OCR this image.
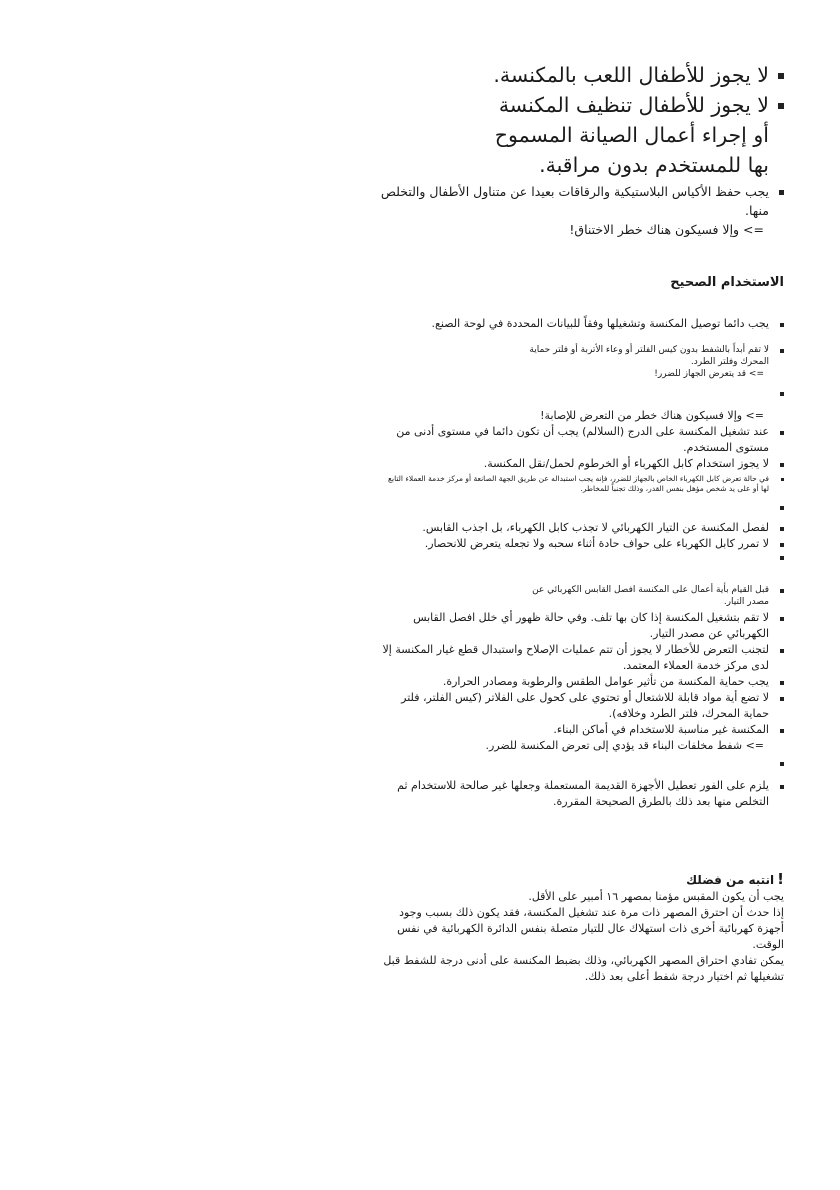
لا يجوز للأطفال اللعب بالمكنسة.
لا يجوز للأطفال تنظيف المكنسة أو إجراء أعمال الصيانة المسموح بها للمستخدم بدون مراقبة.
يجب حفظ الأكياس البلاستيكية والرقاقات بعيدا عن متناول الأطفال والتخلص منها.
=> وإلا فسيكون هناك خطر الاختناق!
الاستخدام الصحيح
يجب دائما توصيل المكنسة وتشغيلها وفقاً للبيانات المحددة في لوحة الصنع.
لا تقم أبداً بالشفط بدون كيس الفلتر أو وعاء الأتربة أو فلتر حماية المحرك وفلتر الطرد.
=> قد يتعرض الجهاز للضرر!
=> وإلا فسيكون هناك خطر من التعرض للإصابة!
عند تشغيل المكنسة على الدرج (السلالم) يجب أن تكون دائما في مستوى أدنى من مستوى المستخدم.
لا يجوز استخدام كابل الكهرباء أو الخرطوم لحمل/نقل المكنسة.
في حالة تعرض كابل الكهرباء الخاص بالجهاز للضرر، فإنه يجب استبداله عن طريق الجهة الصانعة أو مركز خدمة العملاء التابع لها أو على يد شخص مؤهل بنفس القدر، وذلك تجنباً للمخاطر.
لفصل المكنسة عن التيار الكهربائي لا تجذب كابل الكهرباء، بل اجذب القابس.
لا تمرر كابل الكهرباء على حواف حادة أثناء سحبه ولا تجعله يتعرض للانحصار.
قبل القيام بأية أعمال على المكنسة افصل القابس الكهربائي عن مصدر التيار.
لا تقم بتشغيل المكنسة إذا كان بها تلف. وفي حالة ظهور أي خلل افصل القابس الكهربائي عن مصدر التيار.
لتجنب التعرض للأخطار لا يجوز أن تتم عمليات الإصلاح واستبدال قطع غيار المكنسة إلا لدى مركز خدمة العملاء المعتمد.
يجب حماية المكنسة من تأثير عوامل الطقس والرطوبة ومصادر الحرارة.
لا تضع أية مواد قابلة للاشتعال أو تحتوي على كحول على الفلاتر (كيس الفلتر، فلتر حماية المحرك، فلتر الطرد وخلافه).
المكنسة غير مناسبة للاستخدام في أماكن البناء.
=> شفط مخلفات البناء قد يؤدي إلى تعرض المكنسة للضرر.
يلزم على الفور تعطيل الأجهزة القديمة المستعملة وجعلها غير صالحة للاستخدام ثم التخلص منها بعد ذلك بالطرق الصحيحة المقررة.
!انتبه من فضلك
يجب أن يكون المقبس مؤمنا بمصهر ١٦ أمبير على الأقل.
إذا حدث أن احترق المصهر ذات مرة عند تشغيل المكنسة، فقد يكون ذلك بسبب وجود أجهزة كهربائية أخرى ذات استهلاك عال للتيار متصلة بنفس الدائرة الكهربائية في نفس الوقت.
يمكن تفادي احتراق المصهر الكهربائي، وذلك بضبط المكنسة على أدنى درجة للشفط قبل تشغيلها ثم اختيار درجة شفط أعلى بعد ذلك.
